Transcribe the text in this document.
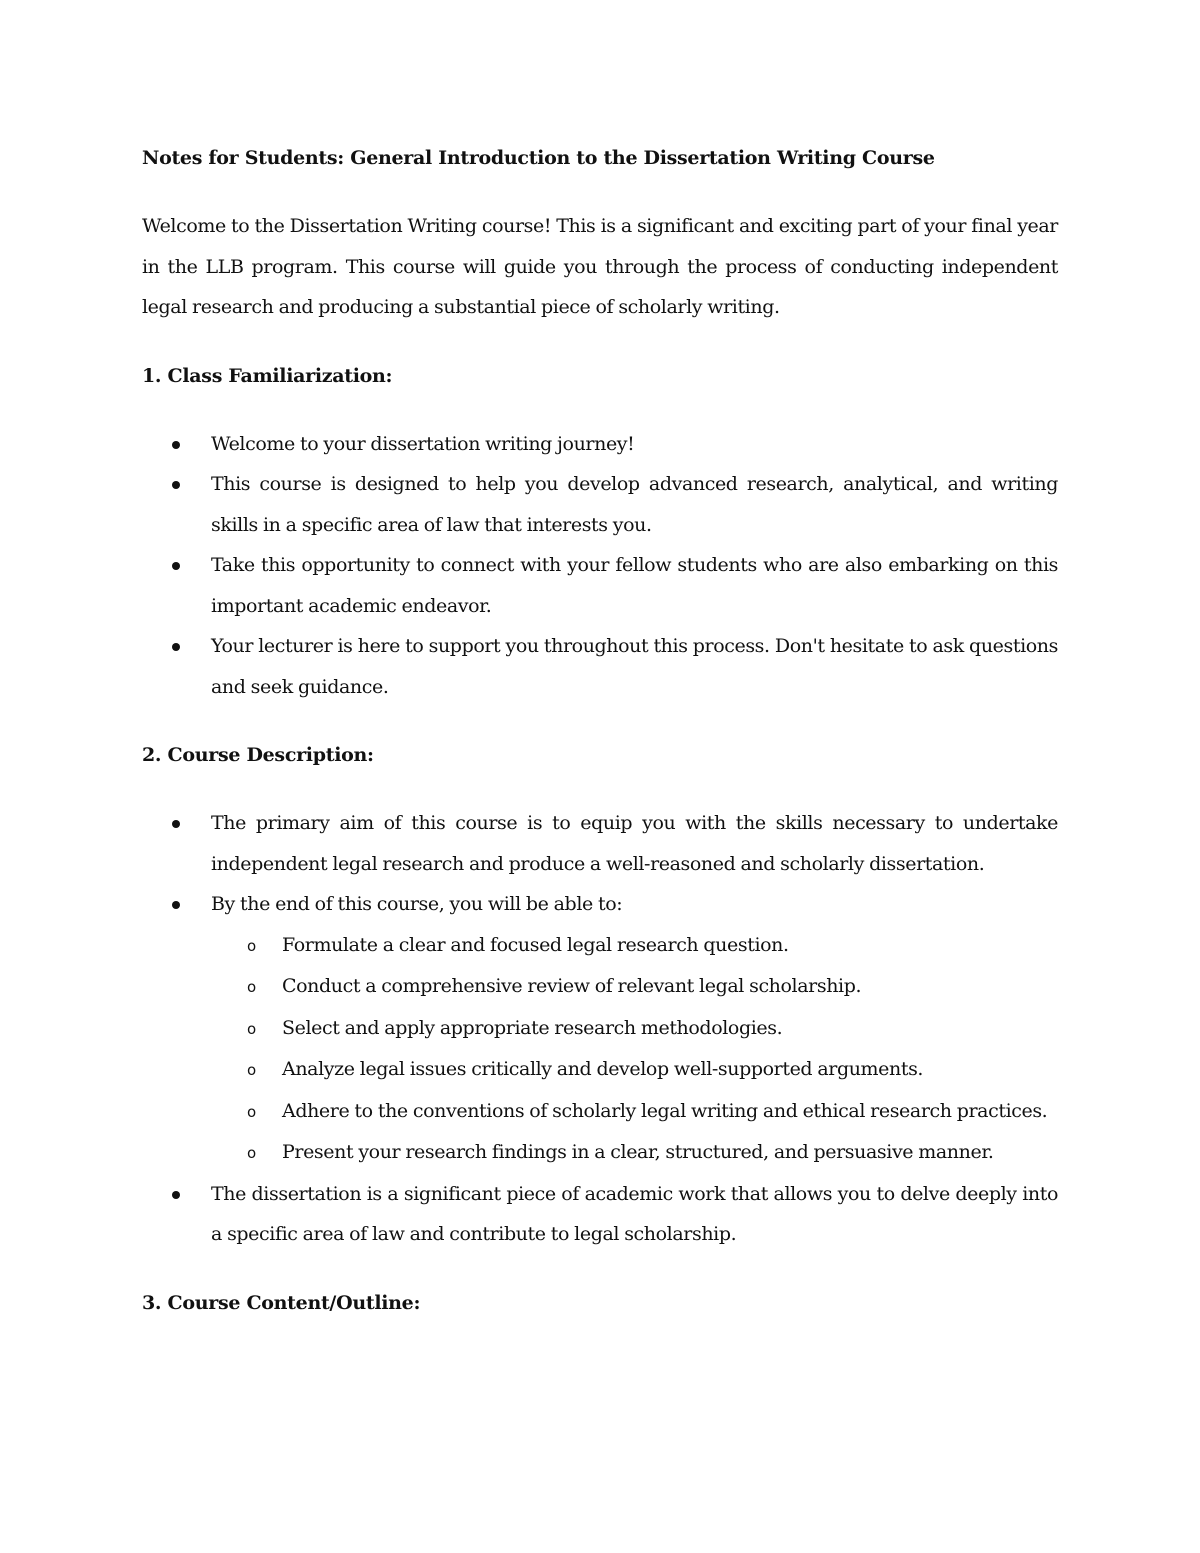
Notes for Students: General Introduction to the Dissertation Writing Course
Welcome to the Dissertation Writing course! This is a significant and exciting part of your final year in the LLB program. This course will guide you through the process of conducting independent legal research and producing a substantial piece of scholarly writing.
1. Class Familiarization:
Welcome to your dissertation writing journey!
This course is designed to help you develop advanced research, analytical, and writing skills in a specific area of law that interests you.
Take this opportunity to connect with your fellow students who are also embarking on this important academic endeavor.
Your lecturer is here to support you throughout this process. Don't hesitate to ask questions and seek guidance.
2. Course Description:
The primary aim of this course is to equip you with the skills necessary to undertake independent legal research and produce a well-reasoned and scholarly dissertation.
By the end of this course, you will be able to:
o Formulate a clear and focused legal research question.
o Conduct a comprehensive review of relevant legal scholarship.
o Select and apply appropriate research methodologies.
o Analyze legal issues critically and develop well-supported arguments.
o Adhere to the conventions of scholarly legal writing and ethical research practices.
o Present your research findings in a clear, structured, and persuasive manner.
The dissertation is a significant piece of academic work that allows you to delve deeply into a specific area of law and contribute to legal scholarship.
3. Course Content/Outline:
